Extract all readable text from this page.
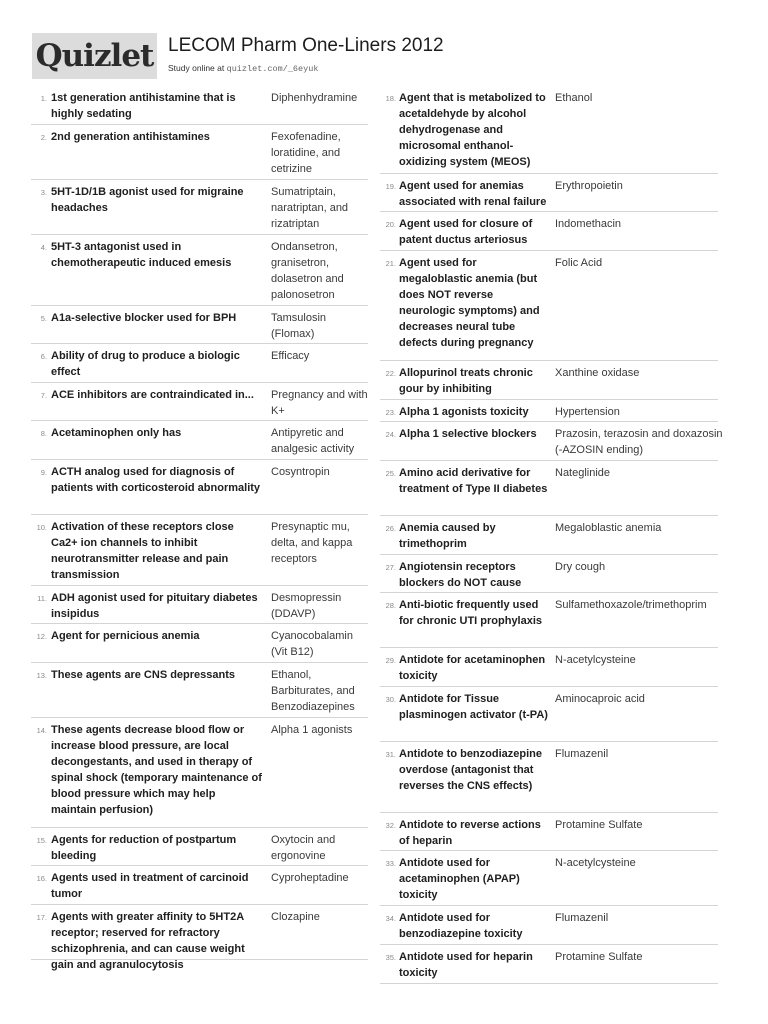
Quizlet LECOM Pharm One-Liners 2012
Study online at quizlet.com/_6eyuk
1. 1st generation antihistamine that is highly sedating
Diphenhydramine
2. 2nd generation antihistamines	Fexofenadine, loratidine, and cetrizine
3. 5HT-1D/1B agonist used for migraine headaches
Sumatriptain, naratriptan, and rizatriptan
4. 5HT-3 antagonist used in chemotherapeutic induced emesis
Ondansetron, granisetron, dolasetron and palonosetron
5. A1a-selective blocker used for BPH	Tamsulosin (Flomax)
6. Ability of drug to produce a biologic effect
Efficacy
7. ACE inhibitors are contraindicated in...	Pregnancy and with K+
8. Acetaminophen only has	Antipyretic and analgesic activity
9. ACTH analog used for diagnosis of patients with corticosteroid abnormality
Cosyntropin
10. Activation of these receptors close Ca2+ ion channels to inhibit neurotransmitter release and pain transmission
Presynaptic mu, delta, and kappa receptors
11. ADH agonist used for pituitary diabetes insipidus
Desmopressin (DDAVP)
12. Agent for pernicious anemia	Cyanocobalamin (Vit B12)
13. These agents are CNS depressants	Ethanol, Barbiturates, and Benzodiazepines
14. These agents decrease blood flow or increase blood pressure, are local decongestants, and used in therapy of spinal shock (temporary maintenance of blood pressure which may help maintain perfusion)
Alpha 1 agonists
15. Agents for reduction of postpartum bleeding
Oxytocin and ergonovine
16. Agents used in treatment of carcinoid tumor
Cyproheptadine
17. Agents with greater affinity to 5HT2A receptor; reserved for refractory schizophrenia, and can cause weight gain and agranulocytosis
Clozapine
18. Agent that is metabolized to acetaldehyde by alcohol dehydrogenase and microsomal enthanol-oxidizing system (MEOS)
Ethanol
19. Agent used for anemias associated with renal failure
Erythropoietin
20. Agent used for closure of patent ductus arteriosus
Indomethacin
21. Agent used for megaloblastic anemia (but does NOT reverse neurologic symptoms) and decreases neural tube defects during pregnancy
Folic Acid
22. Allopurinol treats chronic gour by inhibiting
Xanthine oxidase
23. Alpha 1 agonists toxicity	Hypertension
24. Alpha 1 selective blockers	Prazosin, terazosin and doxazosin (-AZOSIN ending)
25. Amino acid derivative for treatment of Type II diabetes
Nateglinide
26. Anemia caused by trimethoprim
Megaloblastic anemia
27. Angiotensin receptors blockers do NOT cause
Dry cough
28. Anti-biotic frequently used for chronic UTI prophylaxis
Sulfamethoxazole/trimethoprim
29. Antidote for acetaminophen toxicity
N-acetylcysteine
30. Antidote for Tissue plasminogen activator (t-PA)
Aminocaproic acid
31. Antidote to benzodiazepine overdose (antagonist that reverses the CNS effects)
Flumazenil
32. Antidote to reverse actions of heparin
Protamine Sulfate
33. Antidote used for acetaminophen (APAP) toxicity
N-acetylcysteine
34. Antidote used for benzodiazepine toxicity
Flumazenil
35. Antidote used for heparin toxicity
Protamine Sulfate
